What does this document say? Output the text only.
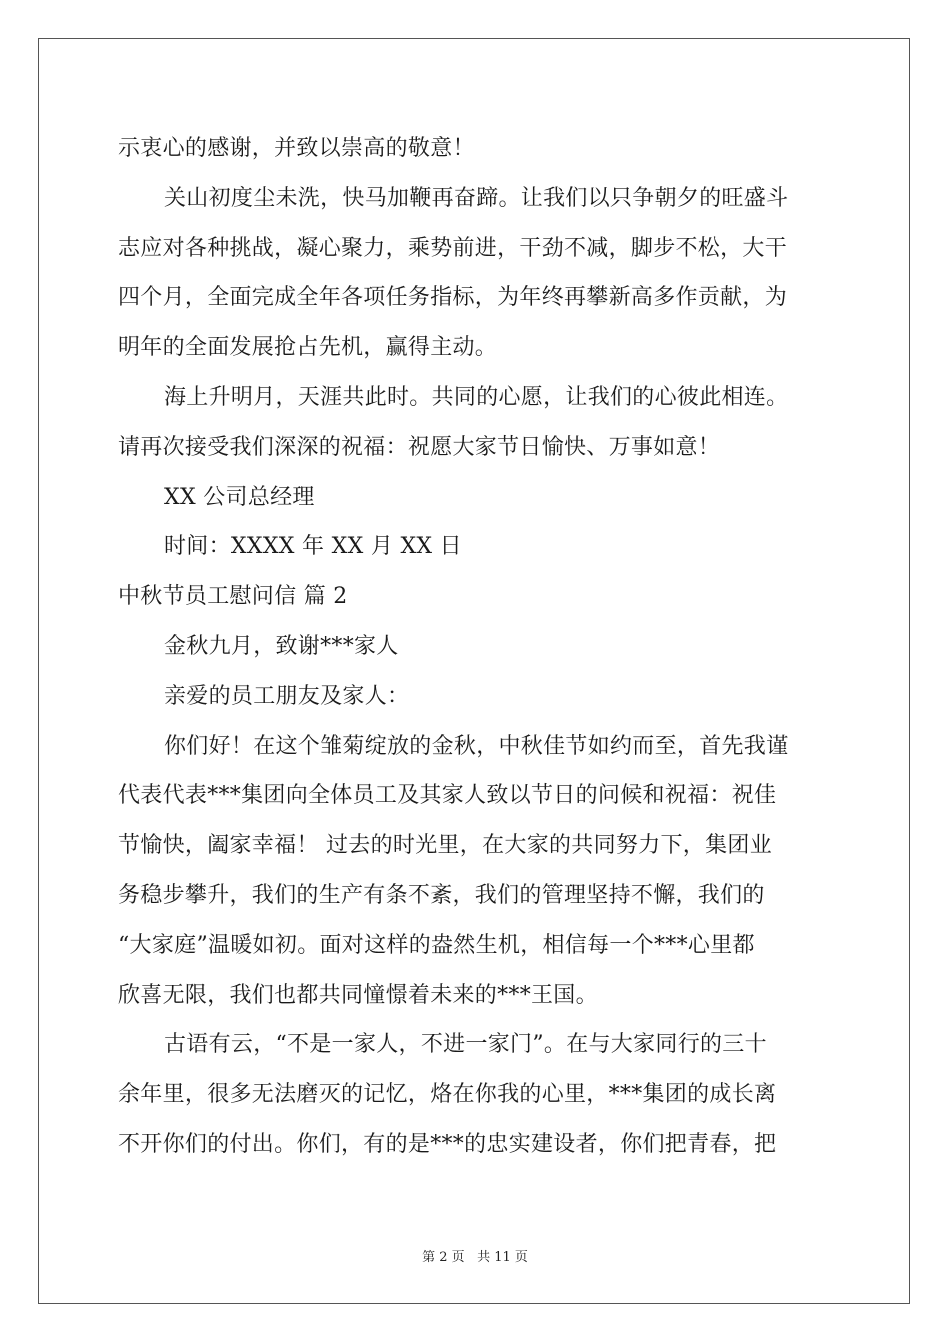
示衷心的感谢，并致以崇高的敬意！
关山初度尘未洗，快马加鞭再奋蹄。让我们以只争朝夕的旺盛斗
志应对各种挑战，凝心聚力，乘势前进，干劲不减，脚步不松，大干
四个月，全面完成全年各项任务指标，为年终再攀新高多作贡献，为
明年的全面发展抢占先机，赢得主动。
海上升明月，天涯共此时。共同的心愿，让我们的心彼此相连。
请再次接受我们深深的祝福：祝愿大家节日愉快、万事如意！
XX 公司总经理
时间：XXXX 年 XX 月 XX 日
中秋节员工慰问信 篇 2
金秋九月，致谢***家人
亲爱的员工朋友及家人：
你们好！在这个雏菊绽放的金秋，中秋佳节如约而至，首先我谨
代表代表***集团向全体员工及其家人致以节日的问候和祝福：祝佳
节愉快，阖家幸福！ 过去的时光里，在大家的共同努力下，集团业
务稳步攀升，我们的生产有条不紊，我们的管理坚持不懈，我们的
“大家庭”温暖如初。面对这样的盎然生机，相信每一个***心里都
欣喜无限，我们也都共同憧憬着未来的***王国。
古语有云，“不是一家人，不进一家门”。在与大家同行的三十
余年里，很多无法磨灭的记忆，烙在你我的心里，***集团的成长离
不开你们的付出。你们，有的是***的忠实建设者，你们把青春，把
第 2 页 共 11 页
